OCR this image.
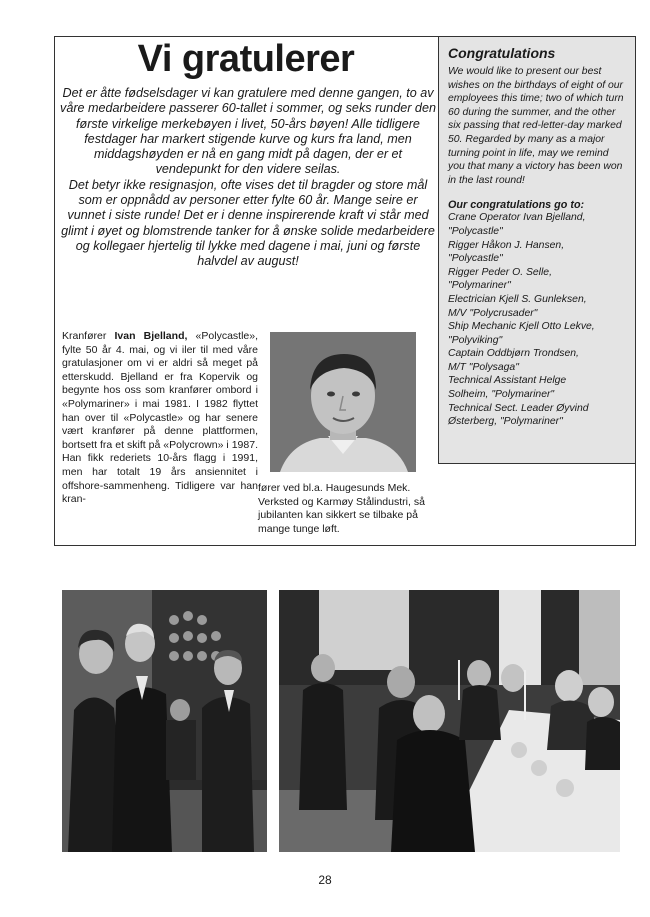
Vi gratulerer

Det er åtte fødselsdager vi kan gratulere med denne gangen, to av våre medarbeidere passerer 60-tallet i sommer, og seks runder den første virkelige merkebøyen i livet, 50-års bøyen! Alle tidligere festdager har markert stigende kurve og kurs fra land, men middagshøyden er nå en gang midt på dagen, der er et vendepunkt for den videre seilas.

Det betyr ikke resignasjon, ofte vises det til bragder og store mål som er oppnådd av personer etter fylte 60 år. Mange seire er vunnet i siste runde! Det er i denne inspirerende kraft vi står med glimt i øyet og blomstrende tanker for å ønske solide medarbeidere og kollegaer hjertelig til lykke med dagene i mai, juni og første halvdel av august!

Kranfører Ivan Bjelland, «Polycastle», fylte 50 år 4. mai, og vi iler til med våre gratulasjoner om vi er aldri så meget på etterskudd. Bjelland er fra Kopervik og begynte hos oss som kranfører ombord i «Polymariner» i mai 1981. I 1982 flyttet han over til «Polycastle» og har senere vært kranfører på denne plattformen, bortsett fra et skift på «Polycrown» i 1987. Han fikk rederiets 10-års flagg i 1991, men har totalt 19 års ansiennitet i offshore-sammenheng. Tidligere var han kran-

fører ved bl.a. Haugesunds Mek. Verksted og Karmøy Stålindustri, så jubilanten kan sikkert se tilbake på mange tunge løft.

Congratulations

We would like to present our best wishes on the birthdays of eight of our employees this time; two of which turn 60 during the summer, and the other six passing that red-letter-day marked 50. Regarded by many as a major turning point in life, may we remind you that many a victory has been won in the last round!

Our congratulations go to:
Crane Operator Ivan Bjelland,
"Polycastle"
Rigger Håkon J. Hansen,
"Polycastle"
Rigger Peder O. Selle,
"Polymariner"
Electrician Kjell S. Gunleksen,
M/V "Polycrusader"
Ship Mechanic Kjell Otto Lekve,
"Polyviking"
Captain Oddbjørn Trondsen,
M/T "Polysaga"
Technical Assistant Helge
Solheim, "Polymariner"
Technical Sect. Leader Øyvind
Østerberg, "Polymariner"
28
